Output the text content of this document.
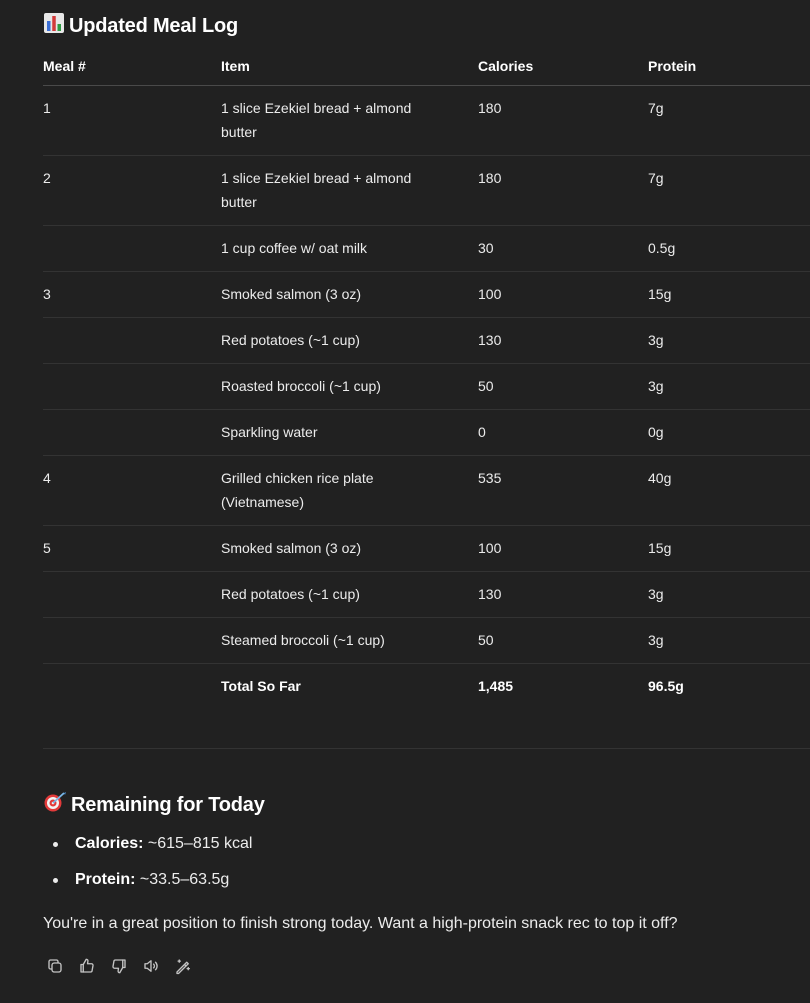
Updated Meal Log
Meal #	Item	Calories	Protein
1	1 slice Ezekiel bread + almond butter	180	7g
2	1 slice Ezekiel bread + almond butter	180	7g

	1 cup coffee w/ oat milk	30	0.5g
3	Smoked salmon (3 oz)	100	15g

	Red potatoes (~1 cup)	130	3g

	Roasted broccoli (~1 cup)	50	3g

	Sparkling water	0	0g
4	Grilled chicken rice plate (Vietnamese)	535	40g
5	Smoked salmon (3 oz)	100	15g

	Red potatoes (~1 cup)	130	3g

	Steamed broccoli (~1 cup)	50	3g
	Total So Far	1,485	96.5g
Remaining for Today
Calories: ~615–815 kcal
Protein: ~33.5–63.5g

You're in a great position to finish strong today. Want a high-protein snack rec to top it off?
